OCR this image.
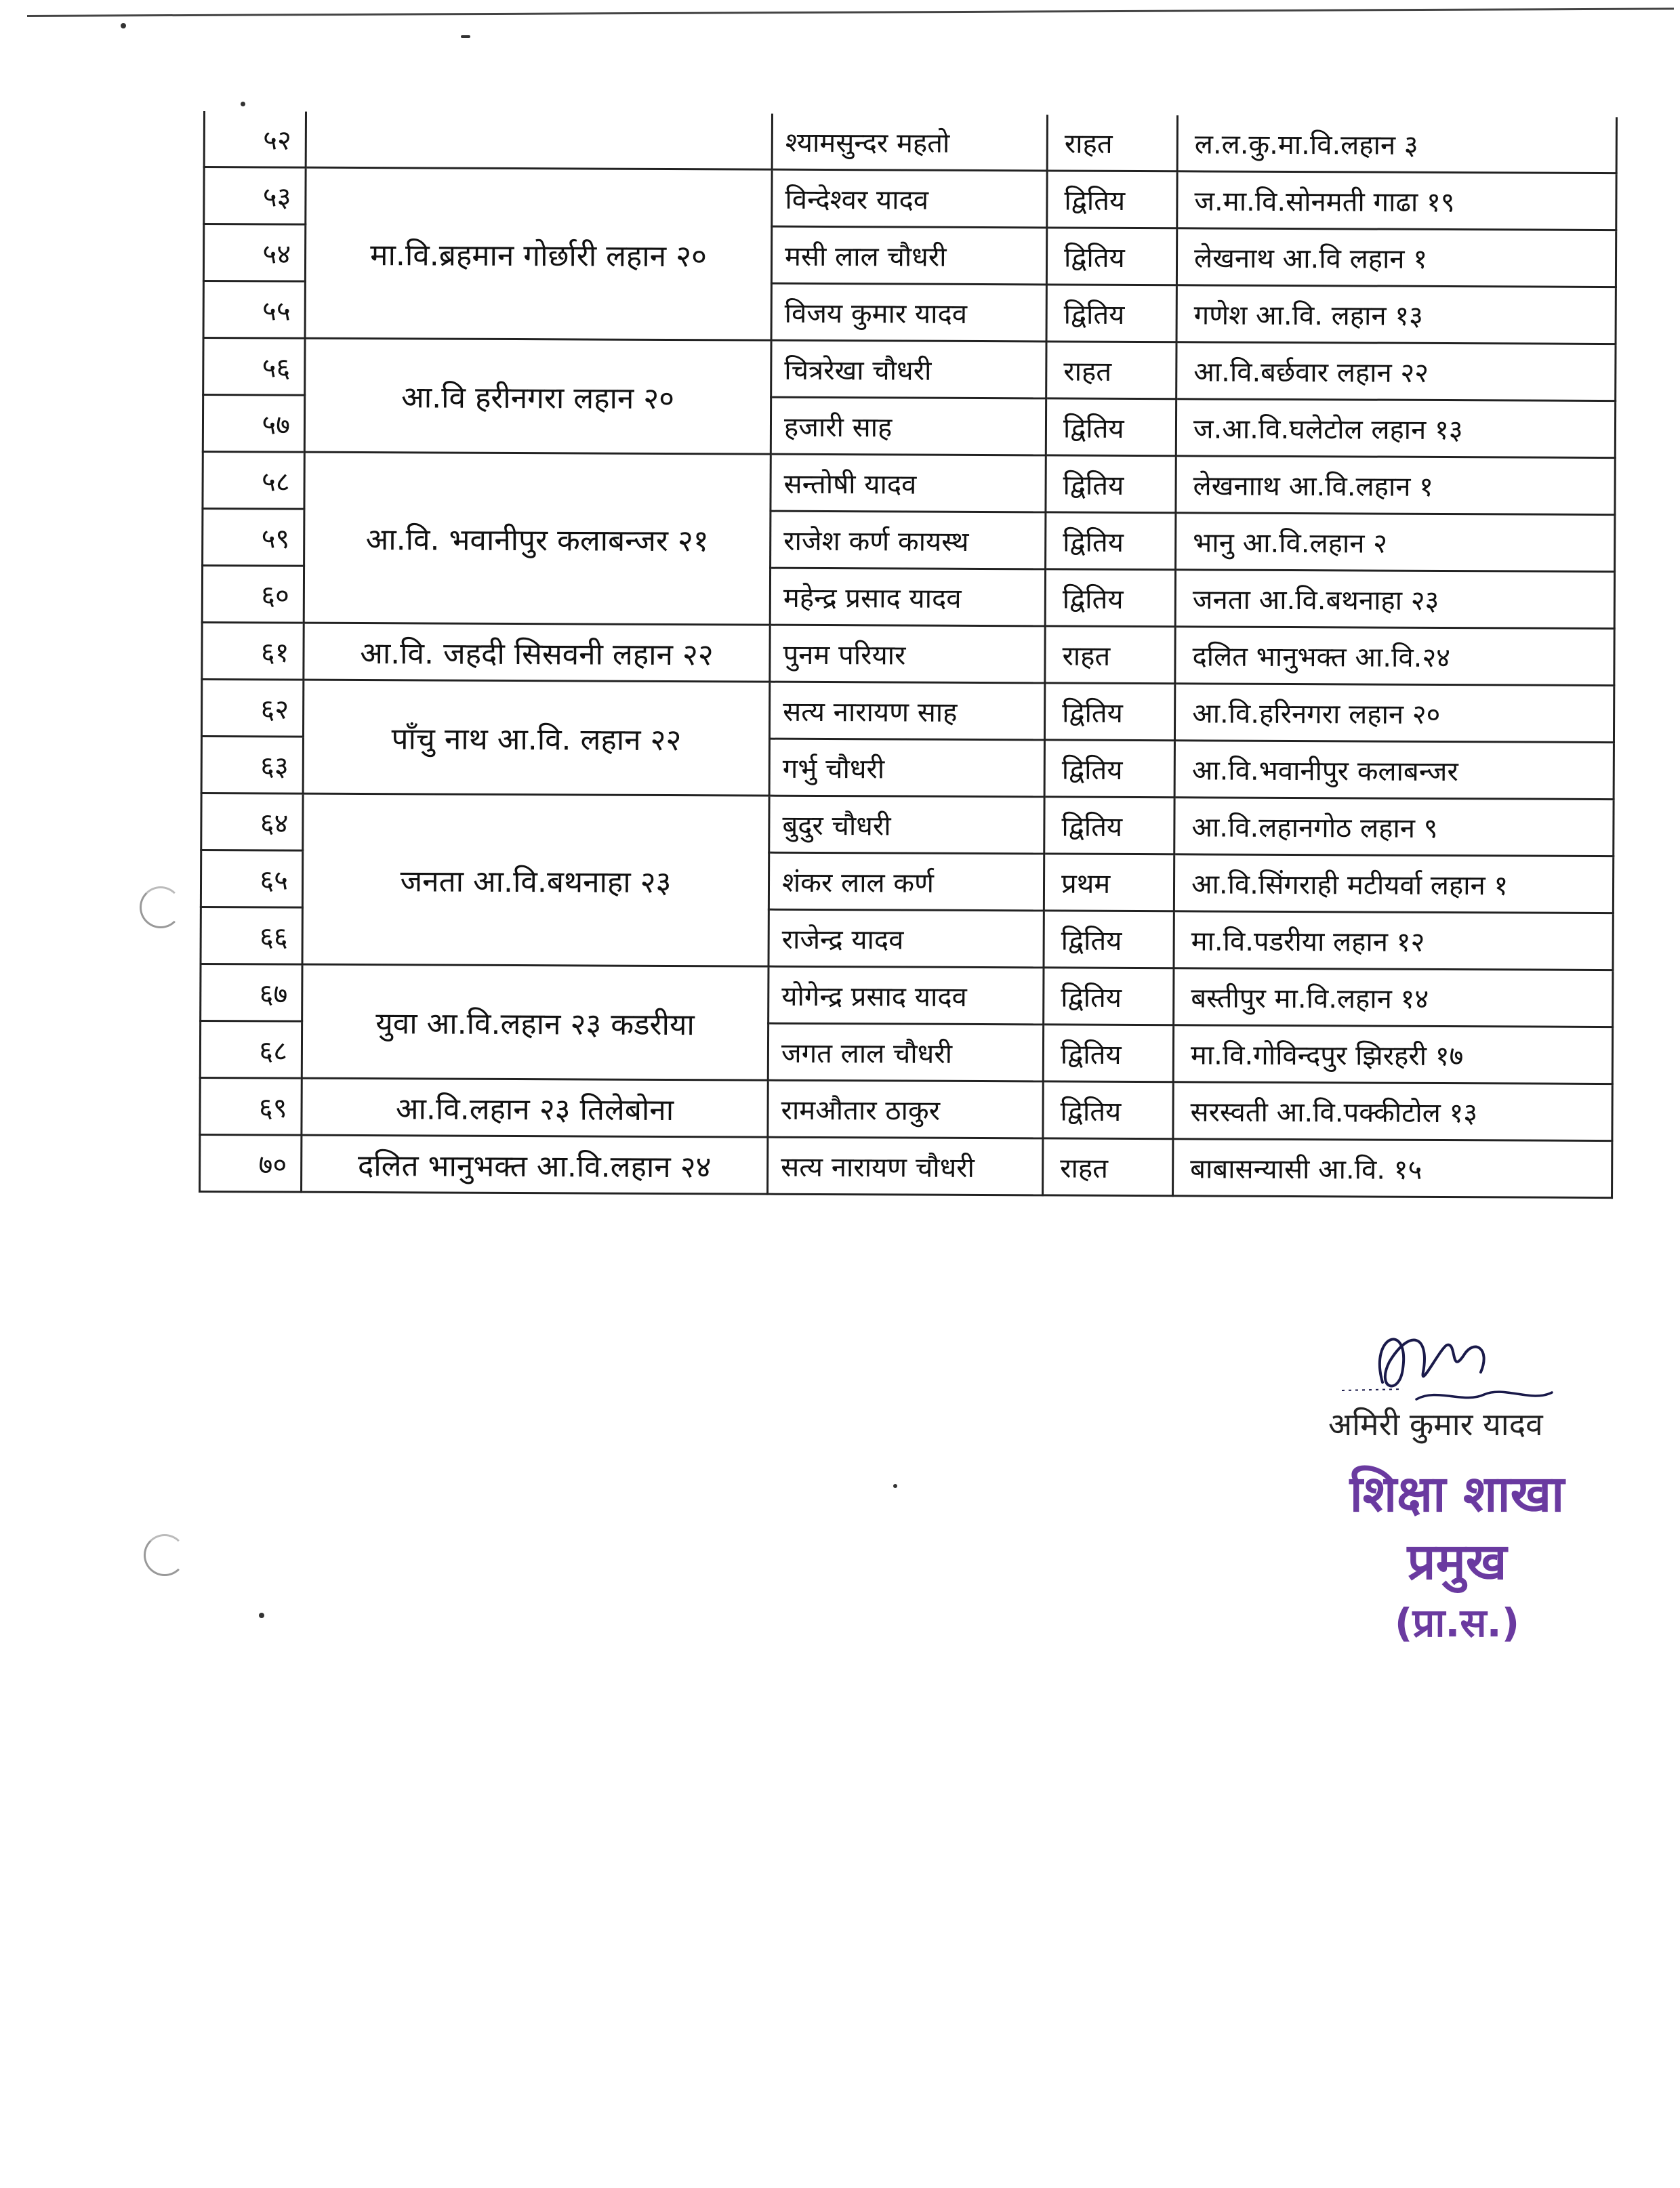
५२		श्यामसुन्दर महतो	राहत	ल.ल.कु.मा.वि.लहान ३
५३	मा.वि.ब्रहमान गोर्छारी लहान २०	विन्देश्वर यादव	द्वितिय	ज.मा.वि.सोनमती गाढा १९
५४		मसी लाल चौधरी	द्वितिय	लेखनाथ आ.वि लहान १
५५		विजय कुमार यादव	द्वितिय	गणेश आ.वि. लहान १३
५६	आ.वि हरीनगरा लहान २०	चित्ररेखा चौधरी	राहत	आ.वि.बर्छवार लहान २२
५७		हजारी साह	द्वितिय	ज.आ.वि.घलेटोल लहान १३
५८	आ.वि. भवानीपुर कलाबन्जर २१	सन्तोषी यादव	द्वितिय	लेखनााथ आ.वि.लहान १
५९		राजेश कर्ण कायस्थ	द्वितिय	भानु आ.वि.लहान २
६०		महेन्द्र प्रसाद यादव	द्वितिय	जनता आ.वि.बथनाहा २३
६१	आ.वि. जहदी सिसवनी लहान २२	पुनम परियार	राहत	दलित भानुभक्त आ.वि.२४
६२	पाँचु नाथ आ.वि. लहान २२	सत्य नारायण साह	द्वितिय	आ.वि.हरिनगरा लहान २०
६३		गर्भु चौधरी	द्वितिय	आ.वि.भवानीपुर कलाबन्जर
६४	जनता आ.वि.बथनाहा २३	बुदुर चौधरी	द्वितिय	आ.वि.लहानगोठ लहान ९
६५		शंकर लाल कर्ण	प्रथम	आ.वि.सिंगराही मटीयर्वा लहान १
६६		राजेन्द्र यादव	द्वितिय	मा.वि.पडरीया लहान १२
६७	युवा आ.वि.लहान २३ कडरीया	योगेन्द्र प्रसाद यादव	द्वितिय	बस्तीपुर मा.वि.लहान १४
६८		जगत लाल चौधरी	द्वितिय	मा.वि.गोविन्दपुर झिरहरी १७
६९	आ.वि.लहान २३ तिलेबोना	रामऔतार ठाकुर	द्वितिय	सरस्वती आ.वि.पक्कीटोल १३
७०	दलित भानुभक्त आ.वि.लहान २४	सत्य नारायण चौधरी	राहत	बाबासन्यासी आ.वि. १५
अमिरी कुमार यादव
शिक्षा शाखा प्रमुख
(प्रा.स.)
